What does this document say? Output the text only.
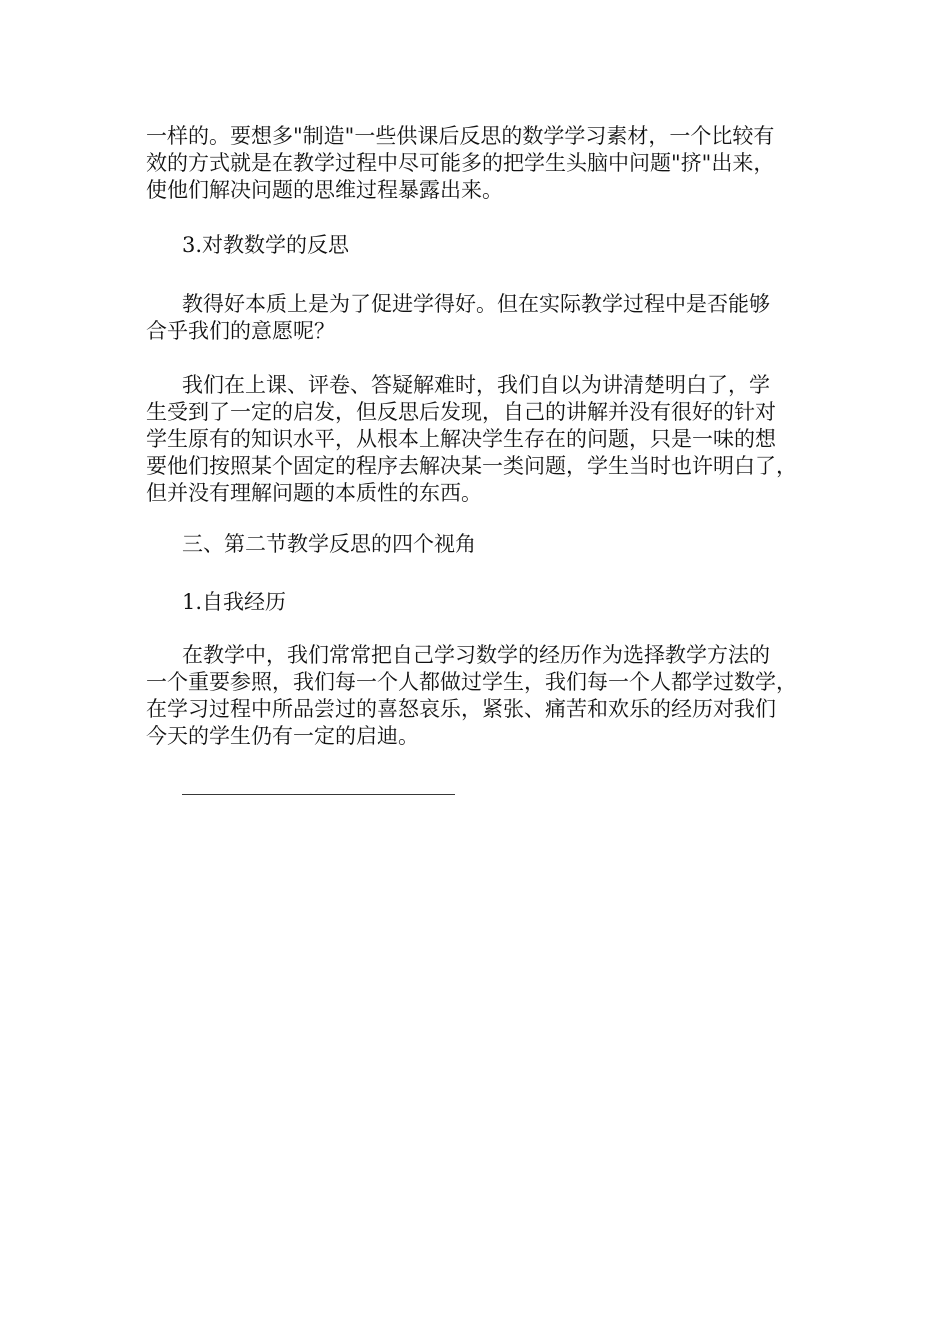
一样的。要想多"制造"一些供课后反思的数学学习素材，一个比较有
效的方式就是在教学过程中尽可能多的把学生头脑中问题"挤"出来，
使他们解决问题的思维过程暴露出来。

3.对教数学的反思

教得好本质上是为了促进学得好。但在实际教学过程中是否能够
合乎我们的意愿呢？

我们在上课、评卷、答疑解难时，我们自以为讲清楚明白了，学
生受到了一定的启发，但反思后发现，自己的讲解并没有很好的针对
学生原有的知识水平，从根本上解决学生存在的问题，只是一味的想
要他们按照某个固定的程序去解决某一类问题，学生当时也许明白了，
但并没有理解问题的本质性的东西。

三、第二节教学反思的四个视角

1.自我经历

在教学中，我们常常把自己学习数学的经历作为选择教学方法的
一个重要参照，我们每一个人都做过学生，我们每一个人都学过数学，
在学习过程中所品尝过的喜怒哀乐，紧张、痛苦和欢乐的经历对我们
今天的学生仍有一定的启迪。

__________________________
